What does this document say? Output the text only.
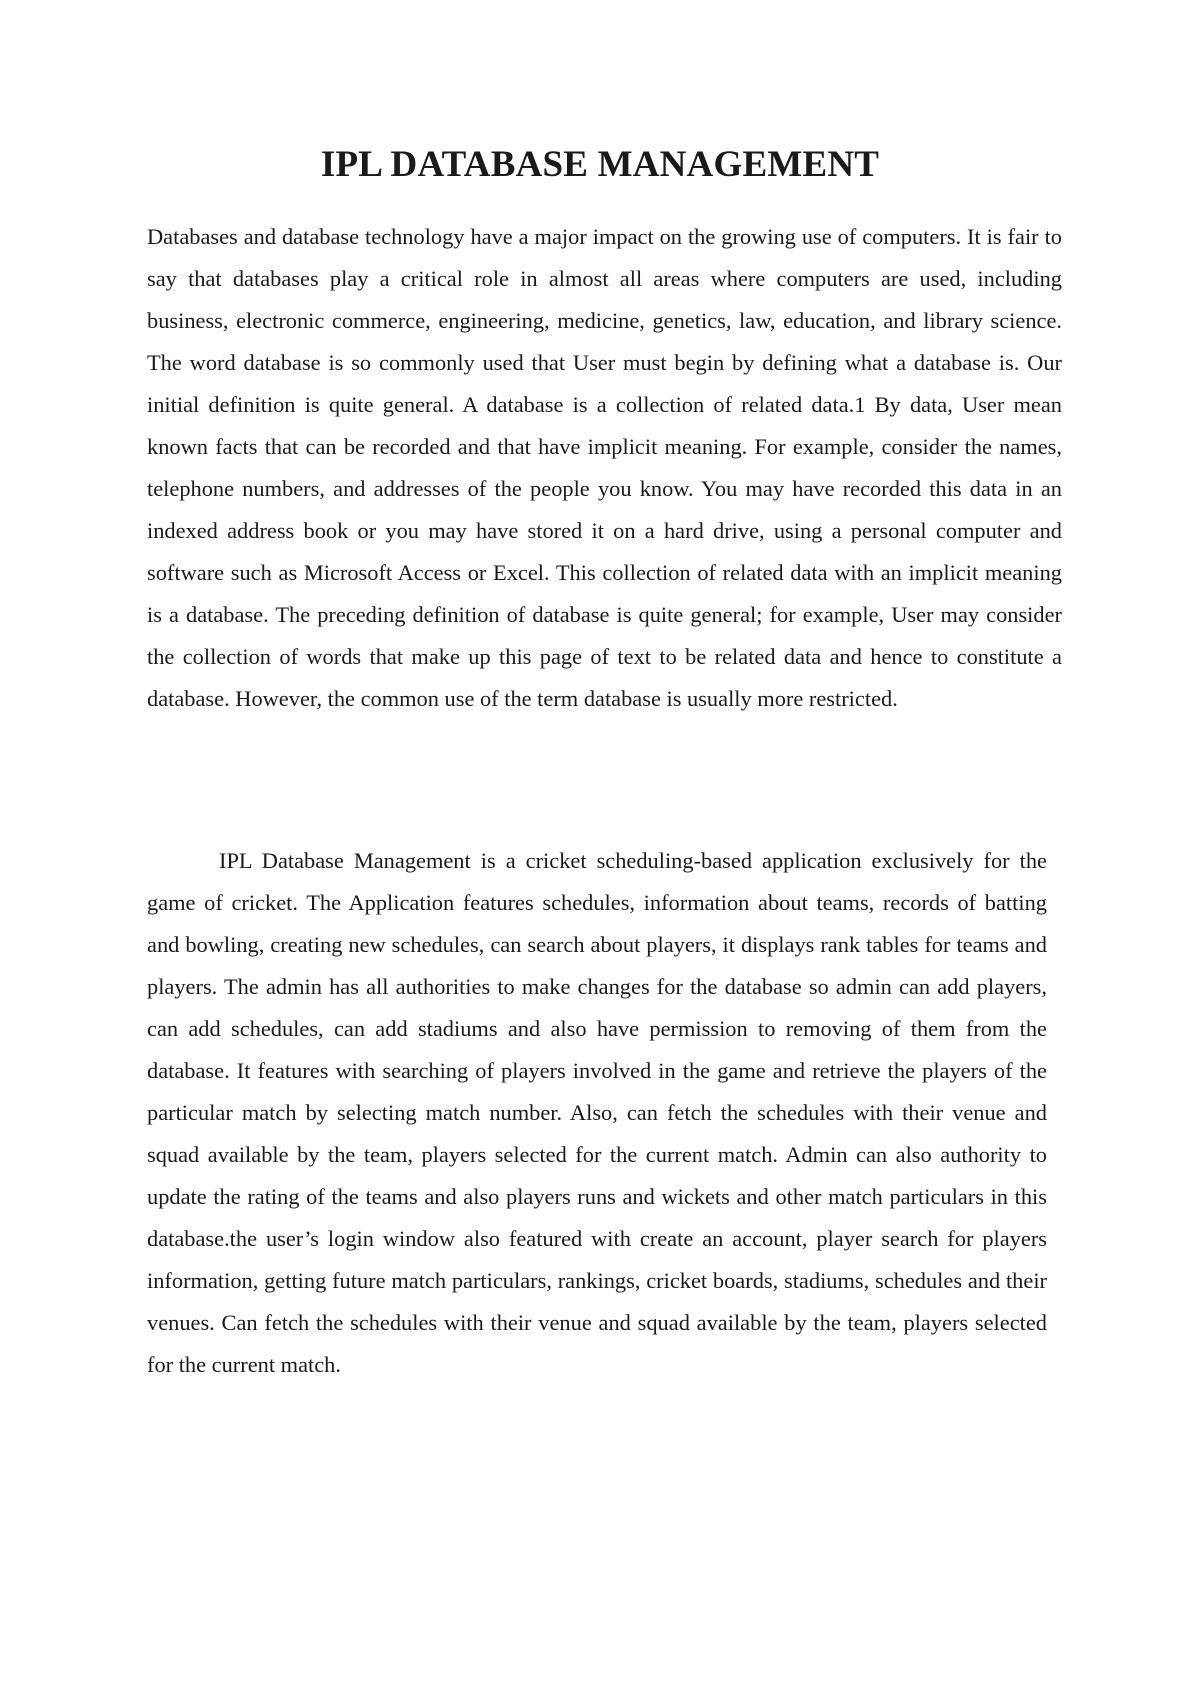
IPL DATABASE MANAGEMENT

Databases and database technology have a major impact on the growing use of computers. It is fair to say that databases play a critical role in almost all areas where computers are used, including business, electronic commerce, engineering, medicine, genetics, law, education, and library science. The word database is so commonly used that User must begin by defining what a database is. Our initial definition is quite general. A database is a collection of related data.1 By data, User mean known facts that can be recorded and that have implicit meaning. For example, consider the names, telephone numbers, and addresses of the people you know. You may have recorded this data in an indexed address book or you may have stored it on a hard drive, using a personal computer and software such as Microsoft Access or Excel. This collection of related data with an implicit meaning is a database. The preceding definition of database is quite general; for example, User may consider the collection of words that make up this page of text to be related data and hence to constitute a database. However, the common use of the term database is usually more restricted.

IPL Database Management is a cricket scheduling-based application exclusively for the game of cricket. The Application features schedules, information about teams, records of batting and bowling, creating new schedules, can search about players, it displays rank tables for teams and players. The admin has all authorities to make changes for the database so admin can add players, can add schedules, can add stadiums and also have permission to removing of them from the database. It features with searching of players involved in the game and retrieve the players of the particular match by selecting match number. Also, can fetch the schedules with their venue and squad available by the team, players selected for the current match. Admin can also authority to update the rating of the teams and also players runs and wickets and other match particulars in this database.the user’s login window also featured with create an account, player search for players information, getting future match particulars, rankings, cricket boards, stadiums, schedules and their venues. Can fetch the schedules with their venue and squad available by the team, players selected for the current match.
